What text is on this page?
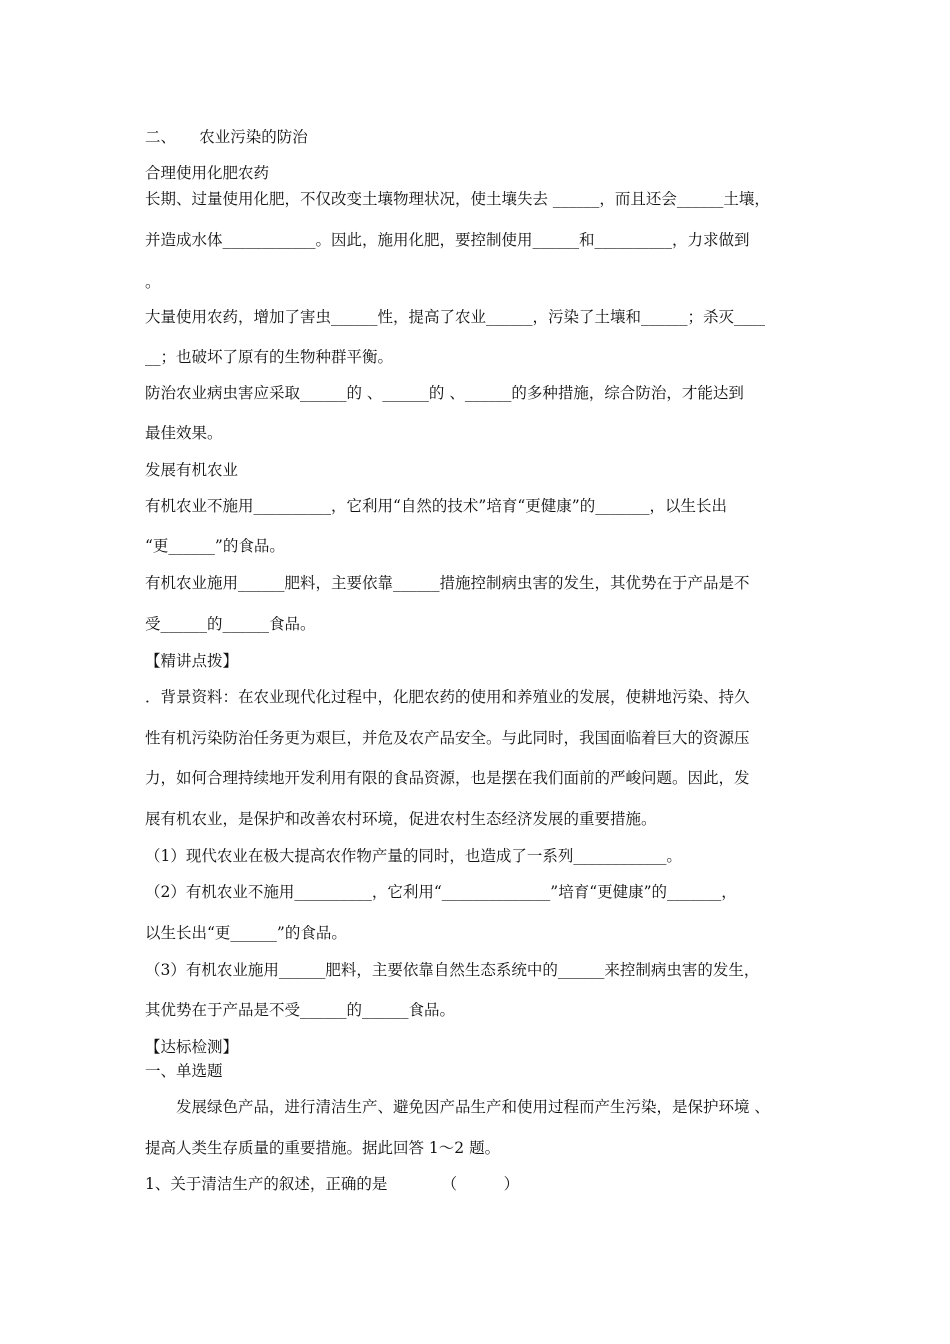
二、　　农业污染的防治
合理使用化肥农药
长期、过量使用化肥，不仅改变土壤物理状况，使土壤失去 ______，而且还会______土壤，
并造成水体____________。因此，施用化肥，要控制使用______和__________，力求做到
。
大量使用农药，增加了害虫______性，提高了农业______，污染了土壤和______；杀灭____
__；也破坏了原有的生物种群平衡。
防治农业病虫害应采取______的 、______的 、______的多种措施，综合防治，才能达到
最佳效果。
发展有机农业
有机农业不施用__________，它利用“自然的技术”培育“更健康”的_______，以生长出
“更______”的食品。
有机农业施用______肥料，主要依靠______措施控制病虫害的发生，其优势在于产品是不
受______的______食品。
【精讲点拨】
．背景资料：在农业现代化过程中，化肥农药的使用和养殖业的发展，使耕地污染、持久
性有机污染防治任务更为艰巨，并危及农产品安全。与此同时，我国面临着巨大的资源压
力，如何合理持续地开发利用有限的食品资源，也是摆在我们面前的严峻问题。因此，发
展有机农业，是保护和改善农村环境，促进农村生态经济发展的重要措施。
（1）现代农业在极大提高农作物产量的同时，也造成了一系列____________。
（2）有机农业不施用__________，它利用“______________”培育“更健康”的_______，
以生长出“更______”的食品。
（3）有机农业施用______肥料，主要依靠自然生态系统中的______来控制病虫害的发生，
其优势在于产品是不受______的______食品。
【达标检测】
一、单选题
　　发展绿色产品，进行清洁生产、避免因产品生产和使用过程而产生污染，是保护环境 、
提高人类生存质量的重要措施。据此回答 1～2 题。
1、关于清洁生产的叙述，正确的是　　　　（　　　）
